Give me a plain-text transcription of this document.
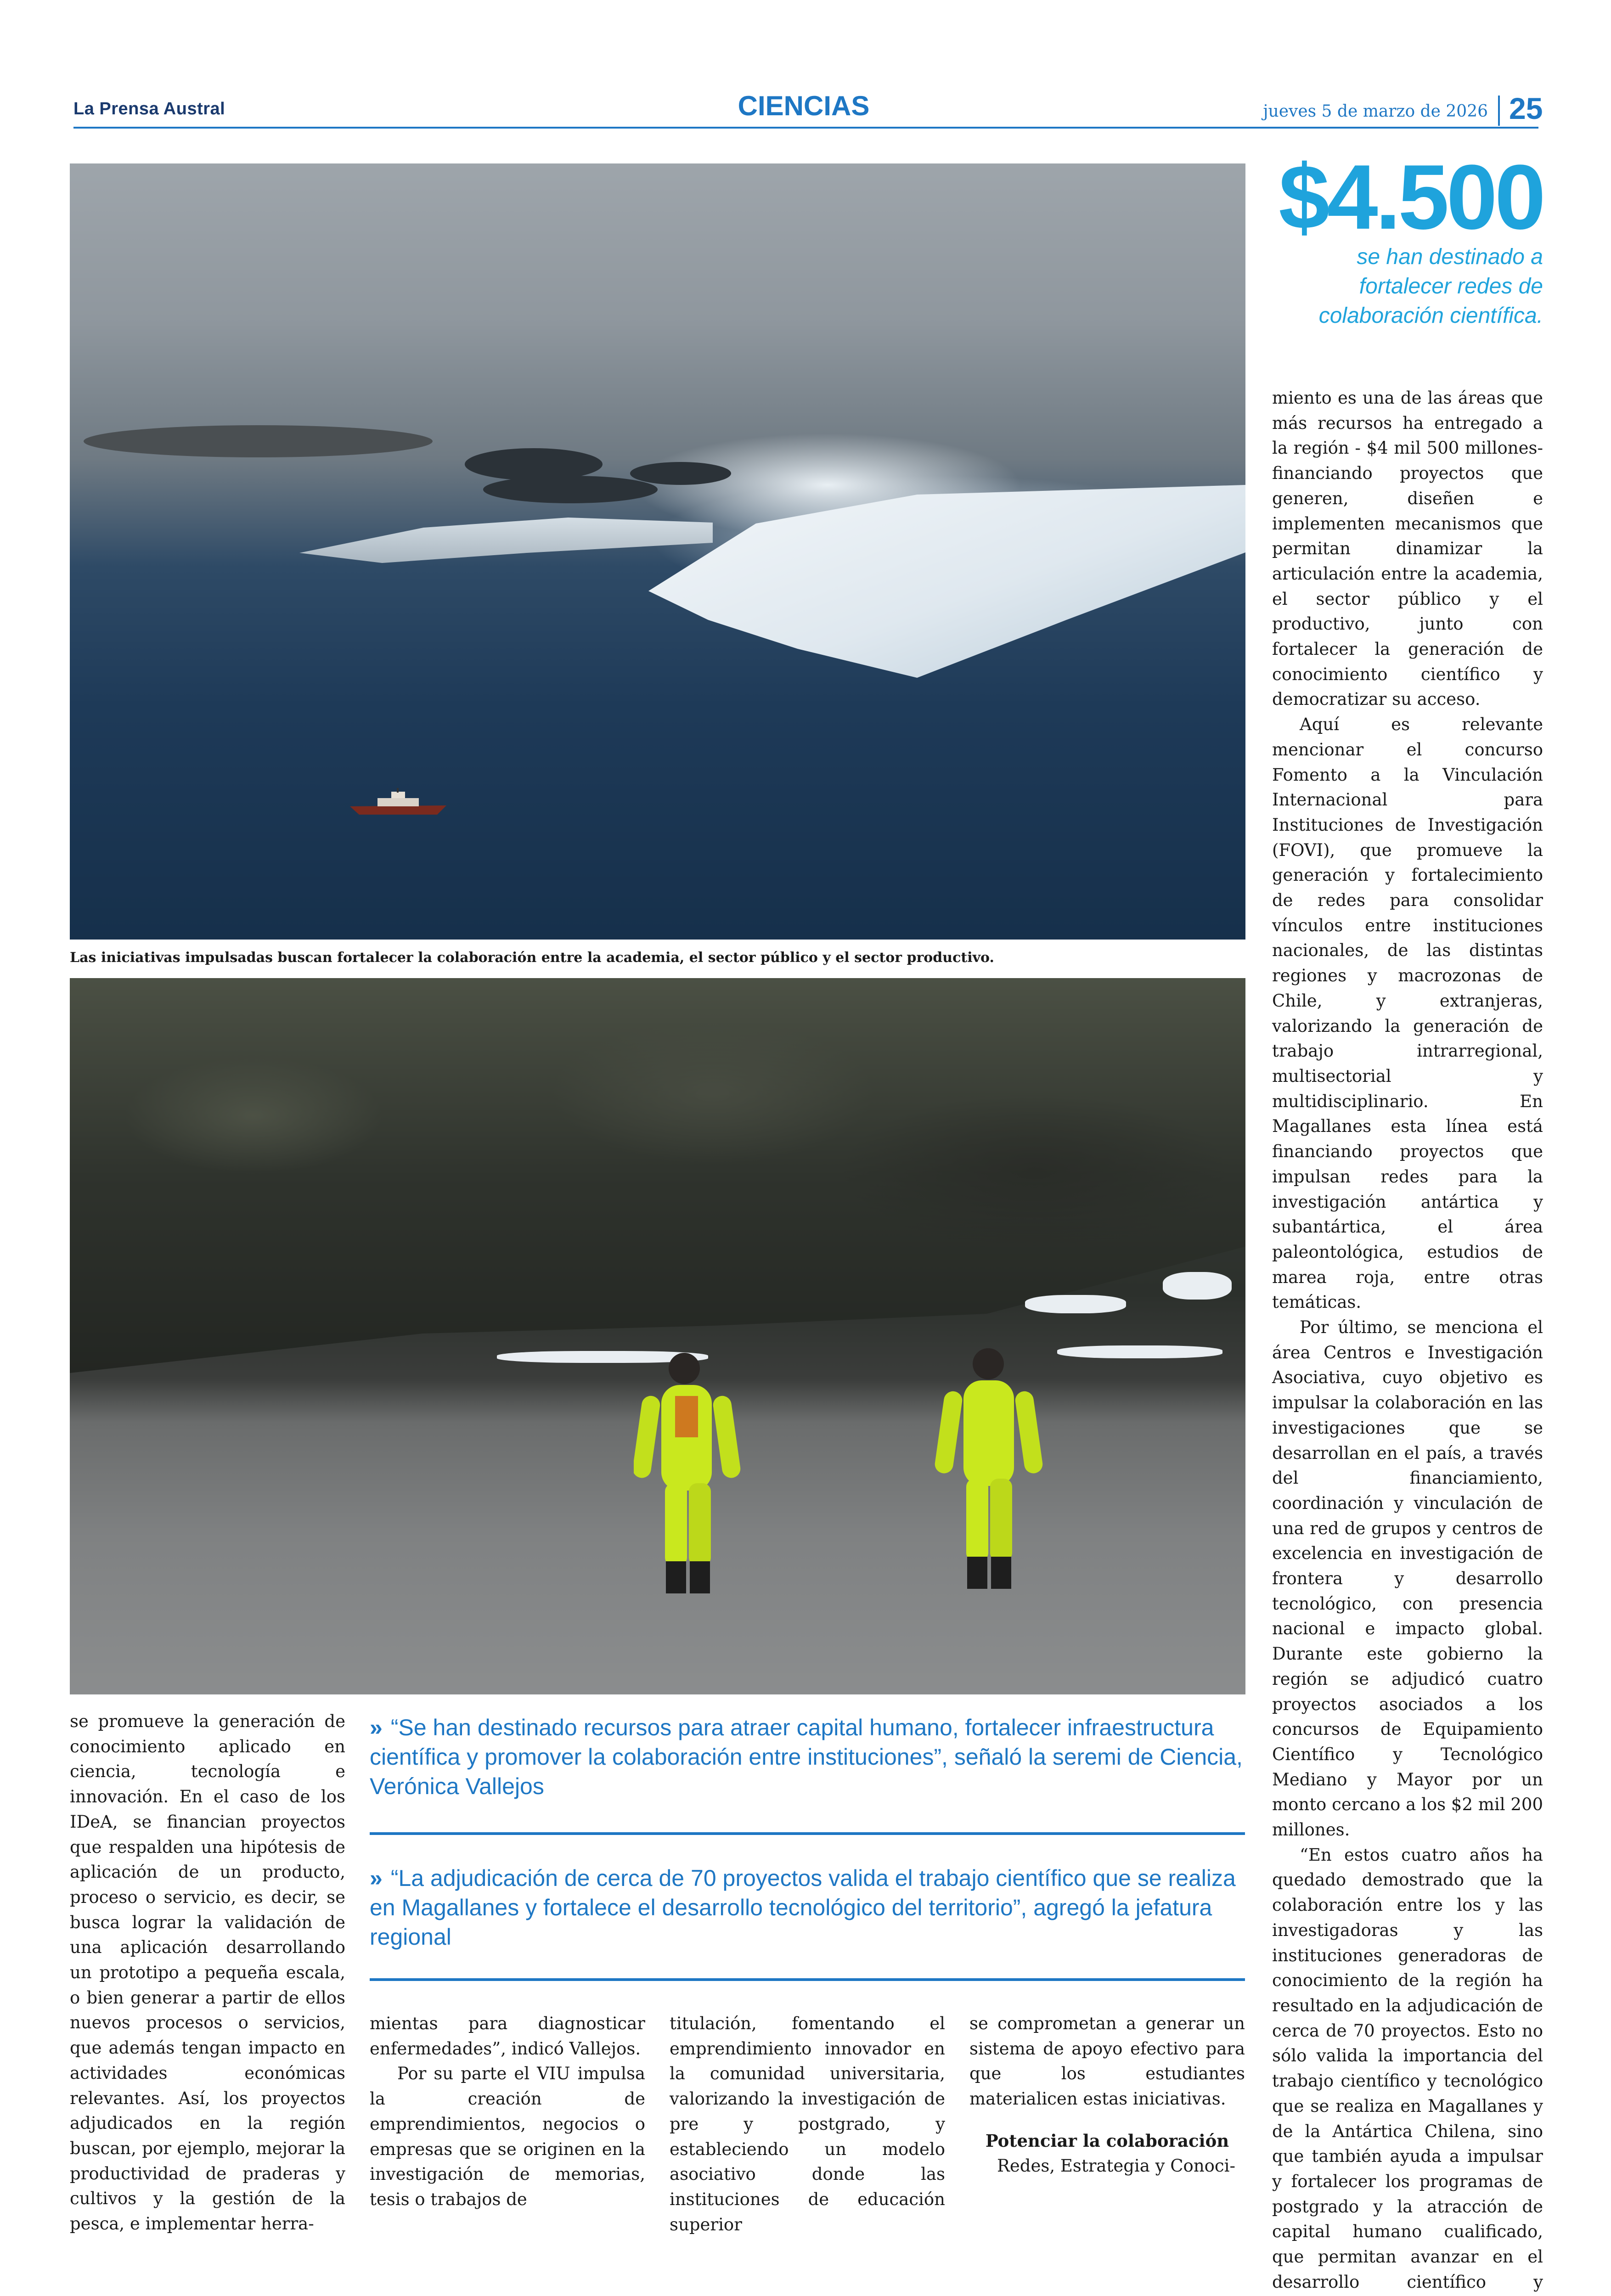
La Prensa Austral	CIENCIAS	jueves 5 de marzo de 2026 25
Las iniciativas impulsadas buscan fortalecer la colaboración entre la academia, el sector público y el sector productivo.
$4.500
se han destinado a fortalecer redes de colaboración científica.

miento es una de las áreas que más recursos ha entregado a la región - $4 mil 500 millones- financiando proyectos que generen, diseñen e implementen mecanismos que permitan dinamizar la articulación entre la academia, el sector público y el productivo, junto con fortalecer la generación de conocimiento científico y democratizar su acceso.

Aquí es relevante mencionar el concurso Fomento a la Vinculación Internacional para Instituciones de Investigación (FOVI), que promueve la generación y fortalecimiento de redes para consolidar vínculos entre instituciones nacionales, de las distintas regiones y macrozonas de Chile, y extranjeras, valorizando la generación de trabajo intrarregional, multisectorial y multidisciplinario. En Magallanes esta línea está financiando proyectos que impulsan redes para la investigación antártica y subantártica, el área paleontológica, estudios de marea roja, entre otras temáticas.

Por último, se menciona el área Centros e Investigación Asociativa, cuyo objetivo es impulsar la colaboración en las investigaciones que se desarrollan en el país, a través del financiamiento, coordinación y vinculación de una red de grupos y centros de excelencia en investigación de frontera y desarrollo tecnológico, con presencia nacional e impacto global. Durante este gobierno la región se adjudicó cuatro proyectos asociados a los concursos de Equipamiento Científico y Tecnológico Mediano y Mayor por un monto cercano a los $2 mil 200 millones.

“En estos cuatro años ha quedado demostrado que la colaboración entre los y las investigadoras y las instituciones generadoras de conocimiento de la región ha resultado en la adjudicación de cerca de 70 proyectos. Esto no sólo valida la importancia del trabajo científico y tecnológico que se realiza en Magallanes y de la Antártica Chilena, sino que también ayuda a impulsar y fortalecer los programas de postgrado y la atracción de capital humano cualificado, que permitan avanzar en el desarrollo científico y

se promueve la generación de conocimiento aplicado en ciencia, tecnología e innovación. En el caso de los IDeA, se financian proyectos que respalden una hipótesis de aplicación de un producto, proceso o servicio, es decir, se busca lograr la validación de una aplicación desarrollando un prototipo a pequeña escala, o bien generar a partir de ellos nuevos procesos o servicios, que además tengan impacto en actividades económicas relevantes. Así, los proyectos adjudicados en la región buscan, por ejemplo, mejorar la productividad de praderas y cultivos y la gestión de la pesca, e implementar herra-

» “Se han destinado recursos para atraer capital humano, fortalecer infraestructura científica y promover la colaboración entre instituciones”, señaló la seremi de Ciencia, Verónica Vallejos
» “La adjudicación de cerca de 70 proyectos valida el trabajo científico que se realiza en Magallanes y fortalece el desarrollo tecnológico del territorio”, agregó la jefatura regional

mientas para diagnosticar enfermedades”, indicó Vallejos.

Por su parte el VIU impulsa la creación de emprendimientos, negocios o empresas que se originen en la investigación de memorias, tesis o trabajos de

titulación, fomentando el emprendimiento innovador en la comunidad universitaria, valorizando la investigación de pre y postgrado, y estableciendo un modelo asociativo donde las instituciones de educación superior

se comprometan a generar un sistema de apoyo efectivo para que los estudiantes materialicen estas iniciativas.

Potenciar la colaboración

Redes, Estrategia y Conoci-
